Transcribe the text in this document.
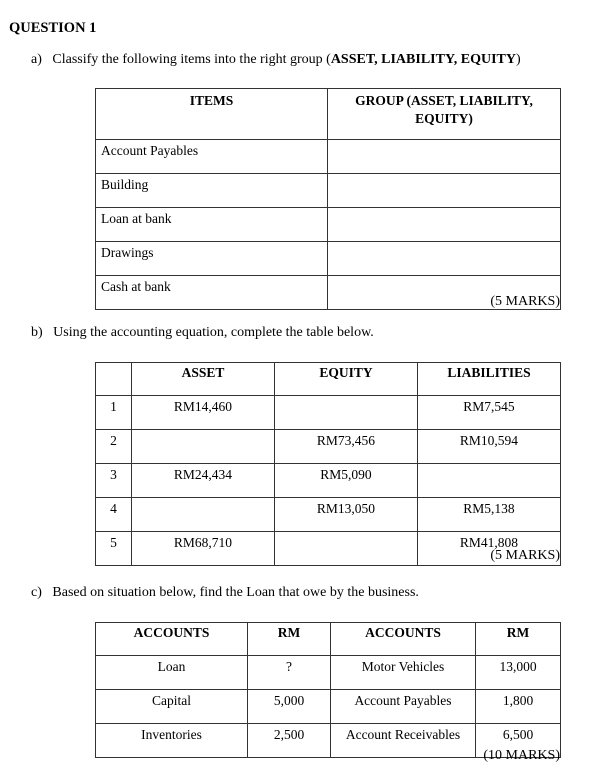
QUESTION 1
a) Classify the following items into the right group (ASSET, LIABILITY, EQUITY)
ITEMS	GROUP (ASSET, LIABILITY, EQUITY)
Account Payables	
Building	
Loan at bank	
Drawings	
Cash at bank	
(5 MARKS)
b) Using the accounting equation, complete the table below.
	ASSET	EQUITY	LIABILITIES
1	RM14,460		RM7,545
2		RM73,456	RM10,594
3	RM24,434	RM5,090	
4		RM13,050	RM5,138
5	RM68,710		RM41,808
(5 MARKS)
c) Based on situation below, find the Loan that owe by the business.
ACCOUNTS	RM	ACCOUNTS	RM
Loan	?	Motor Vehicles	13,000
Capital	5,000	Account Payables	1,800
Inventories	2,500	Account Receivables	6,500
(10 MARKS)
